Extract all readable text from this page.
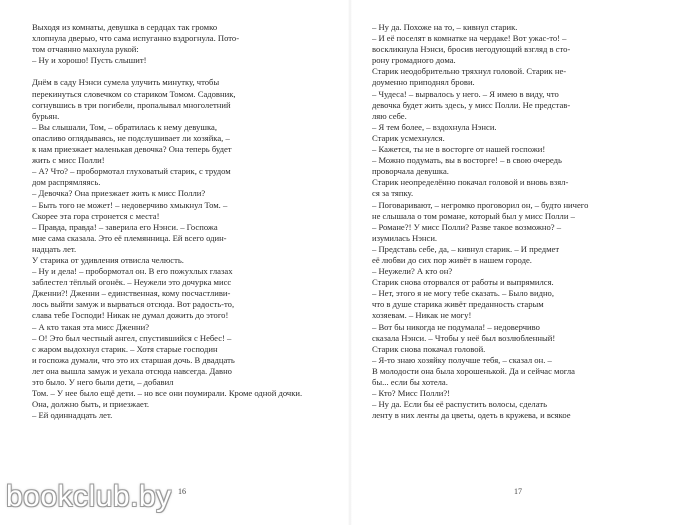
Выходя из комнаты, девушка в сердцах так громко
хлопнула дверью, что сама испуганно вздрогнула. Пото-
том отчаянно махнула рукой:
– Ну и хорошо! Пусть слышит!
Днём в саду Нэнси сумела улучить минутку, чтобы
перекинуться словечком со стариком Томом. Садовник,
согнувшись в три погибели, пропалывал многолетний
бурьян.
– Вы слышали, Том, – обратилась к нему девушка,
опасливо оглядываясь, не подслушивает ли хозяйка, –
к нам приезжает маленькая девочка? Она теперь будет
жить с мисс Полли!
– А? Что? – пробормотал глуховатый старик, с трудом
дом распрямляясь.
– Девочка? Она приезжает жить к мисс Полли?
– Быть того не может! – недоверчиво хмыкнул Том. –
Скорее эта гора стронется с места!
– Правда, правда! – заверила его Нэнси. – Госпожа
мне сама сказала. Это её племянница. Ей всего один-
надцать лет.
У старика от удивления отвисла челюсть.
– Ну и дела! – пробормотал он. В его пожухлых глазах
заблестел тёплый огонёк. – Неужели это дочурка мисс
Дженни?! Дженни – единственная, кому посчастливи-
лось выйти замуж и вырваться отсюда. Вот радость-то,
слава тебе Господи! Никак не думал дожить до этого!
– А кто такая эта мисс Дженни?
– О! Это был честный ангел, спустившийся с Небес! –
с жаром выдохнул старик. – Хотя старые господин
и госпожа думали, что это их старшая дочь. В двадцать
лет она вышла замуж и уехала отсюда навсегда. Давно
это было. У него были дети, – добавил
Том. – У нее было ещё дети. – но все они поумирали. Кроме одной дочки.
Она, должно быть, и приезжает.
– Ей одиннадцать лет.
16
– Ну да. Похоже на то, – кивнул старик.
– И её поселят в комнатке на чердаке! Вот ужас-то! –
воскликнула Нэнси, бросив негодующий взгляд в сто-
рону громадного дома.
Старик неодобрительно тряхнул головой. Старик не-
доуменно приподнял брови.
– Чудеса! – вырвалось у него. – Я имею в виду, что
девочка будет жить здесь, у мисс Полли. Не представ-
ляю себе.
– Я тем более, – вздохнула Нэнси.
Старик усмехнулся.
– Кажется, ты не в восторге от нашей госпожи!
– Можно подумать, вы в восторге! – в свою очередь
проворчала девушка.
Старик неопределённо покачал головой и вновь взял-
ся за тяпку.
– Поговаривают, – негромко проговорил он, – будто ничего
не слышала о том романе, который был у мисс Полли –
– Романе?! У мисс Полли? Разве такое возможно? –
изумилась Нэнси.
– Представь себе, да, – кивнул старик. – И предмет
её любви до сих пор живёт в нашем городе.
– Неужели? А кто он?
Старик снова оторвался от работы и выпрямился.
– Нет, этого я не могу тебе сказать. – Было видно,
что в душе старика живёт преданность старым
хозяевам. – Никак не могу!
– Вот бы никогда не подумала! – недоверчиво
сказала Нэнси. – Чтобы у неё был возлюбленный!
Старик снова покачал головой.
– Я-то знаю хозяйку получше тебя, – сказал он. –
В молодости она была хорошенькой. Да и сейчас могла
бы... если бы хотела.
– Кто? Мисс Полли?!
– Ну да. Если бы её распустить волосы, сделать
ленту в них ленты да цветы, одеть в кружева, и всякое
17
bookclub.by
